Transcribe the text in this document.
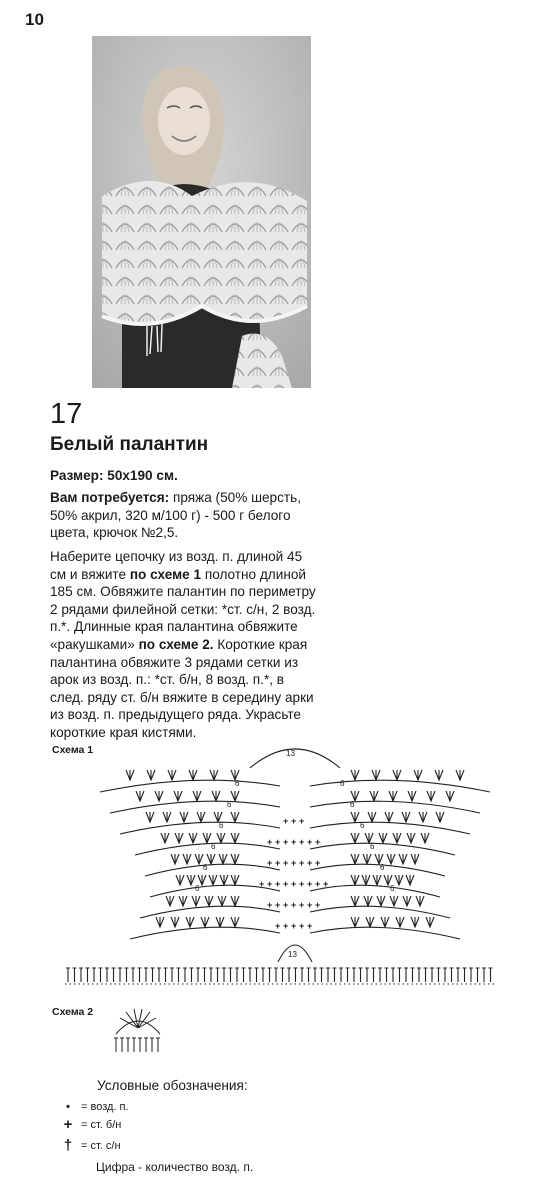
10
17
Белый палантин
Размер: 50х190 см.
Вам потребуется: пряжа (50% шерсть, 50% акрил, 320 м/100 г) - 500 г белого цвета, крючок №2,5.
Наберите цепочку из возд. п. длиной 45 см и вяжите по схеме 1 полотно длиной 185 см. Обвяжите палантин по периметру 2 рядами филейной сетки: *ст. с/н, 2 возд. п.*. Длинные края палантина обвяжите «ракушками» по схеме 2. Короткие края палантина обвяжите 3 рядами сетки из арок из возд. п.: *ст. б/н, 8 возд. п.*, в след. ряду ст. б/н вяжите в середину арки из возд. п. предыдущего ряда. Украсьте короткие края кистями.
Схема 1	13
6	6
6	6
6	6
6	6
6	6
6	6
+ + +
+ + + + + + +
+ + + + + + +
+ + + + + + + + +
+ + + + + + +
+ + + + +
13
Схема 2
Условные обозначения:
•	= возд. п.
+ = ст. б/н
† = ст. с/н
Цифра - количество возд. п.
